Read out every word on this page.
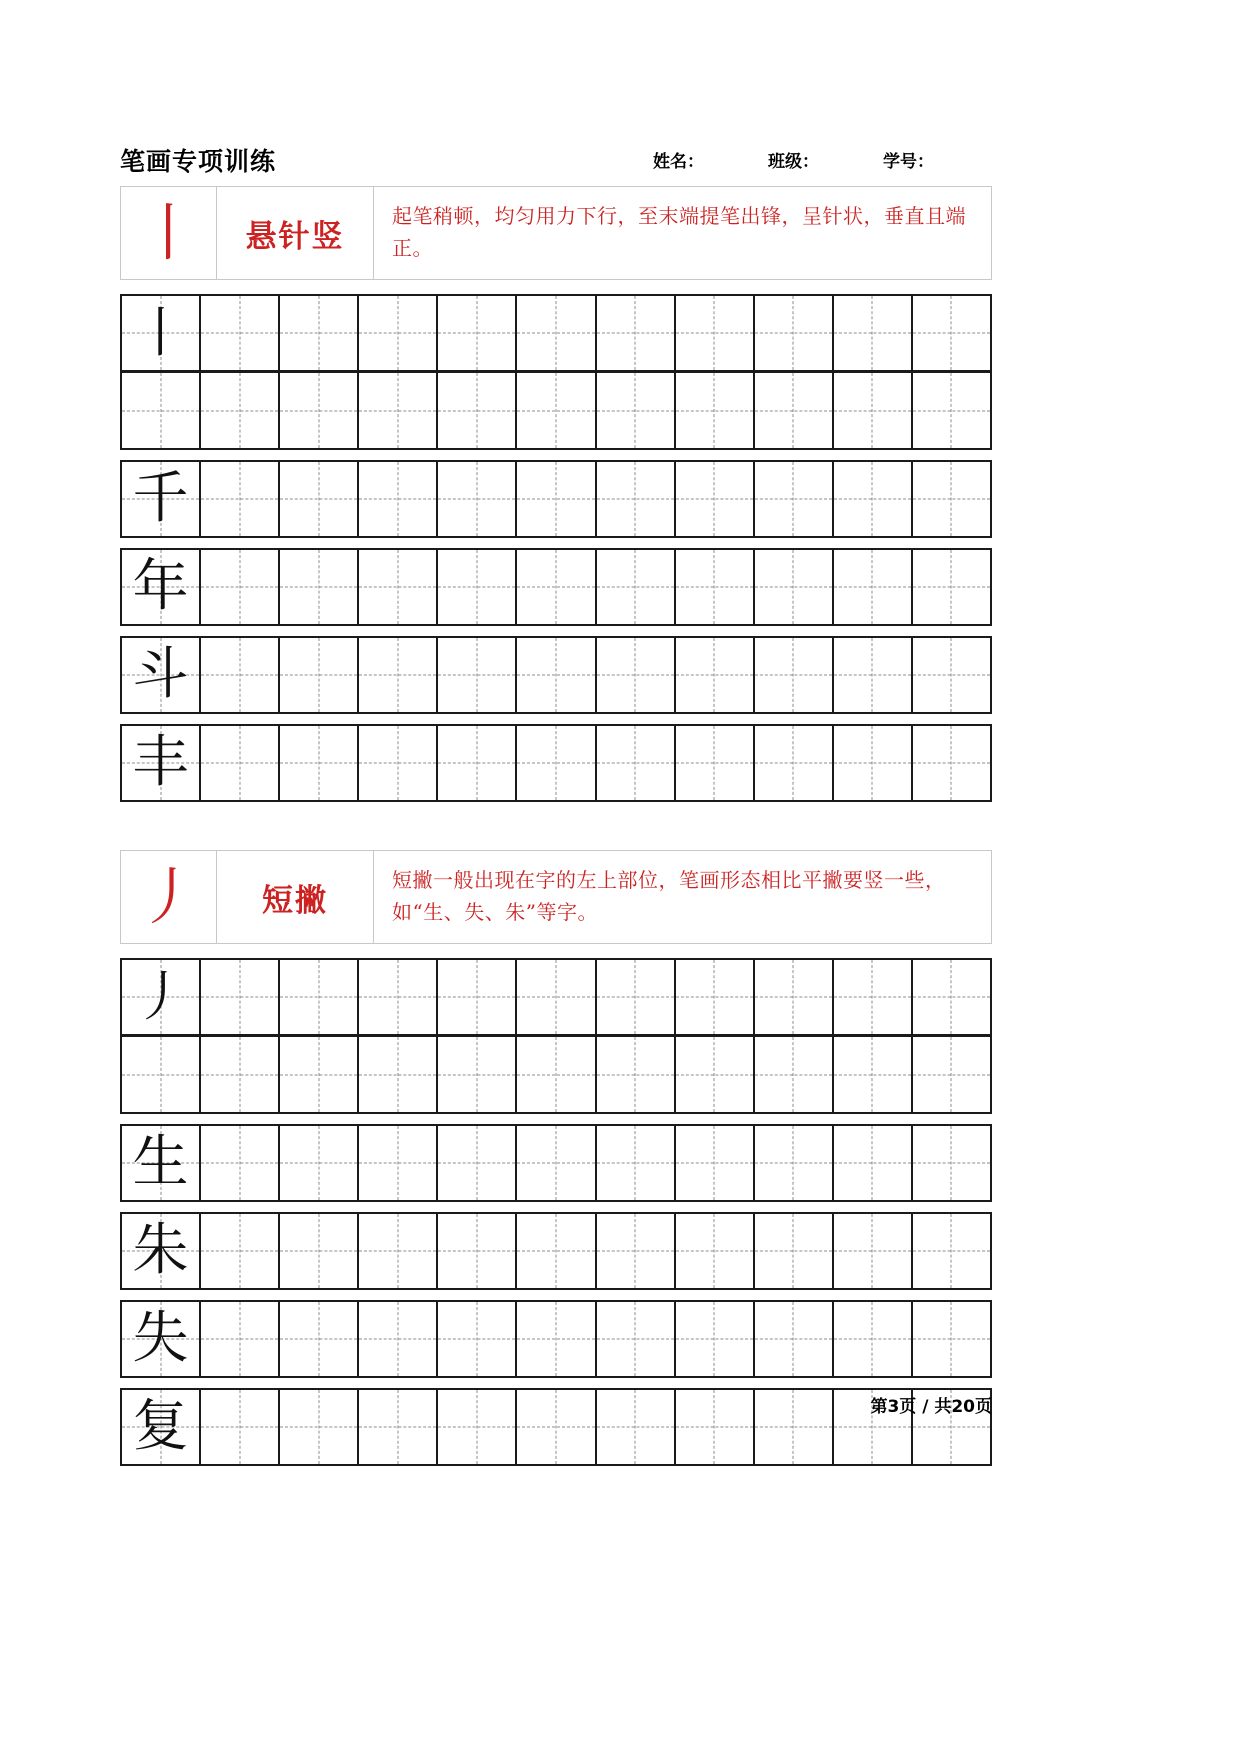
笔画专项训练	姓名：	班级：	学号：
丨 悬针竖
起笔稍顿，均匀用力下行，至末端提笔出锋，呈针状，垂直且端正。
丨
千
年
斗
丰
丿 短撇
短撇一般出现在字的左上部位，笔画形态相比平撇要竖一些，如“生、失、朱”等字。
丿
生
朱
失
复	第3页 / 共20页
